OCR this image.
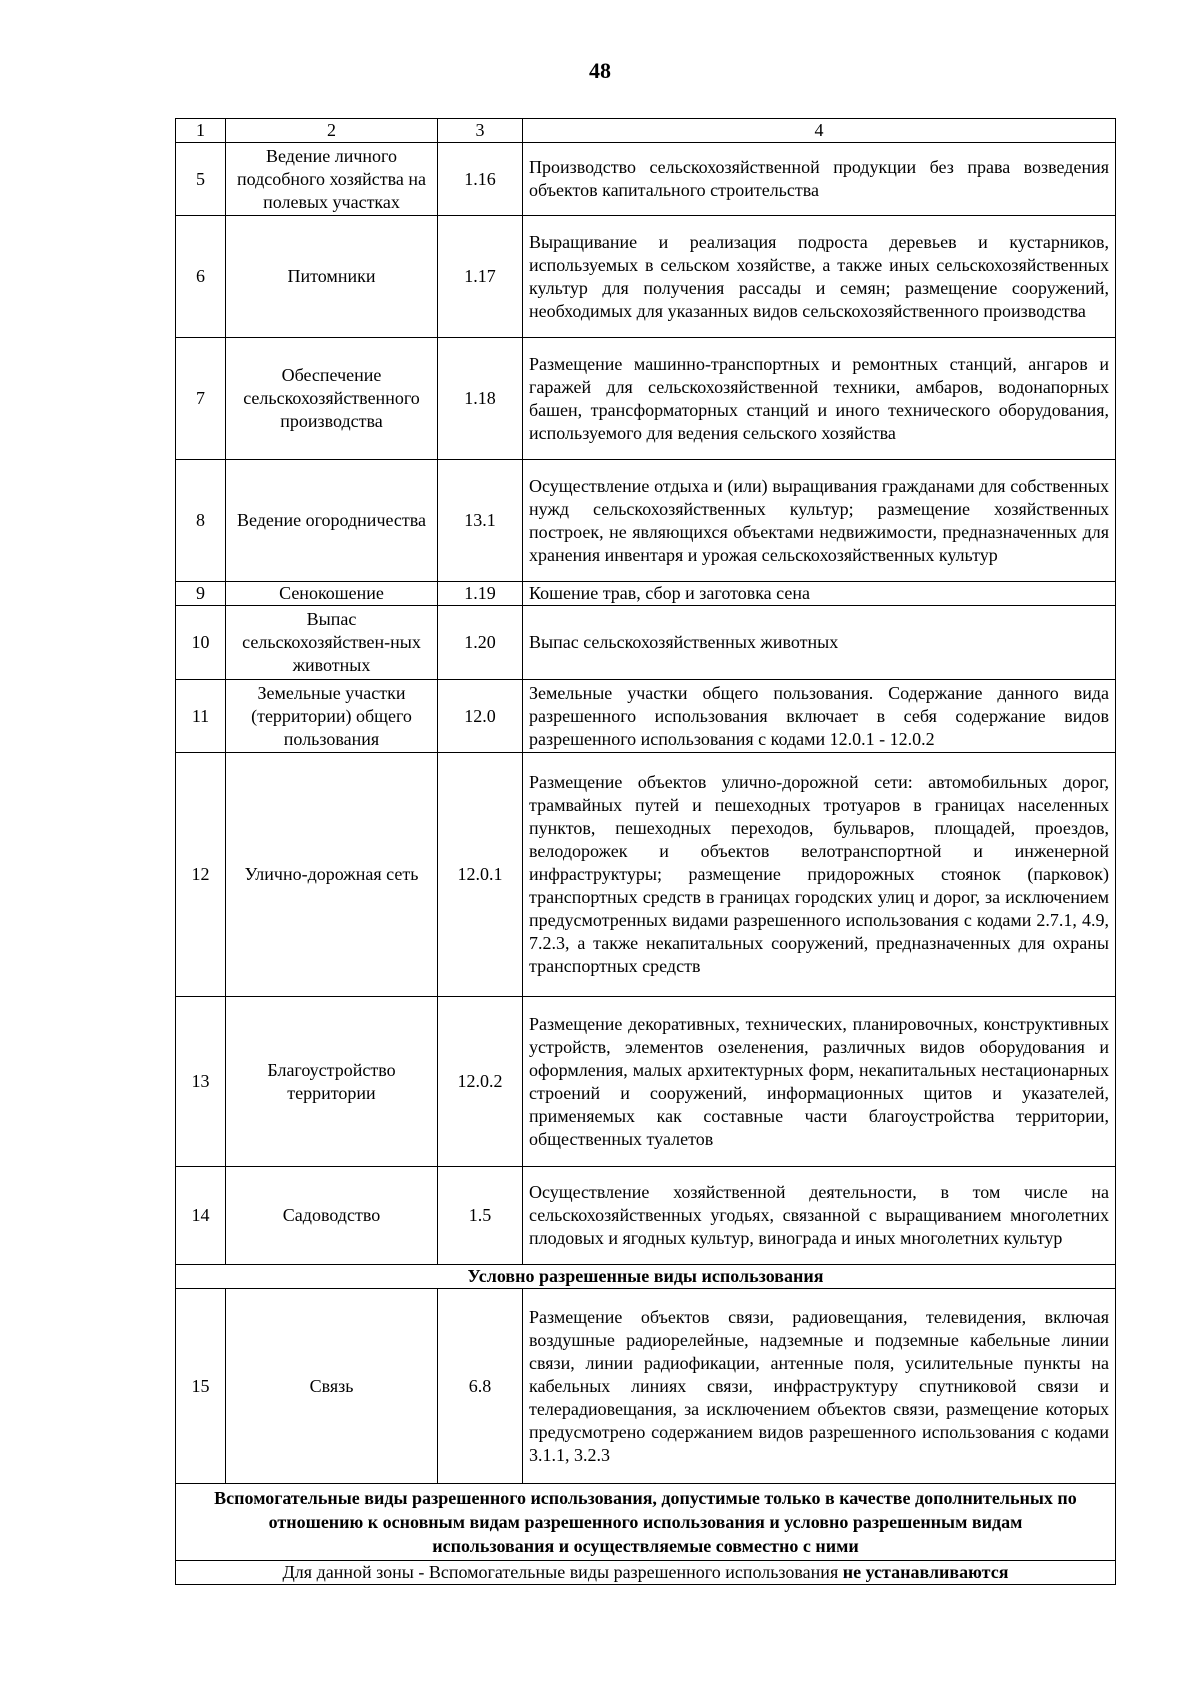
48
1	2	3	4
5	Ведение личного подсобного хозяйства на полевых участках	1.16	Производство сельскохозяйственной продукции без права возведения объектов капитального строительства
6	Питомники	1.17	Выращивание и реализация подроста деревьев и кустарников, используемых в сельском хозяйстве, а также иных сельскохозяйственных культур для получения рассады и семян; размещение сооружений, необходимых для указанных видов сельскохозяйственного производства
7	Обеспечение сельскохозяйственного производства	1.18	Размещение машинно-транспортных и ремонтных станций, ангаров и гаражей для сельскохозяйственной техники, амбаров, водонапорных башен, трансформаторных станций и иного технического оборудования, используемого для ведения сельского хозяйства
8	Ведение огородничества	13.1	Осуществление отдыха и (или) выращивания гражданами для собственных нужд сельскохозяйственных культур; размещение хозяйственных построек, не являющихся объектами недвижимости, предназначенных для хранения инвентаря и урожая сельскохозяйственных культур
9	Сенокошение	1.19	Кошение трав, сбор и заготовка сена
10	Выпас сельскохозяйствен-ных животных	1.20	Выпас сельскохозяйственных животных
11	Земельные участки (территории) общего пользования	12.0	Земельные участки общего пользования. Содержание данного вида разрешенного использования включает в себя содержание видов разрешенного использования с кодами 12.0.1 - 12.0.2
12	Улично-дорожная сеть	12.0.1	Размещение объектов улично-дорожной сети: автомобильных дорог, трамвайных путей и пешеходных тротуаров в границах населенных пунктов, пешеходных переходов, бульваров, площадей, проездов, велодорожек и объектов велотранспортной и инженерной инфраструктуры; размещение придорожных стоянок (парковок) транспортных средств в границах городских улиц и дорог, за исключением предусмотренных видами разрешенного использования с кодами 2.7.1, 4.9, 7.2.3, а также некапитальных сооружений, предназначенных для охраны транспортных средств
13	Благоустройство территории	12.0.2	Размещение декоративных, технических, планировочных, конструктивных устройств, элементов озеленения, различных видов оборудования и оформления, малых архитектурных форм, некапитальных нестационарных строений и сооружений, информационных щитов и указателей, применяемых как составные части благоустройства территории, общественных туалетов
14	Садоводство	1.5	Осуществление хозяйственной деятельности, в том числе на сельскохозяйственных угодьях, связанной с выращиванием многолетних плодовых и ягодных культур, винограда и иных многолетних культур
Условно разрешенные виды использования			
15	Связь	6.8	Размещение объектов связи, радиовещания, телевидения, включая воздушные радиорелейные, надземные и подземные кабельные линии связи, линии радиофикации, антенные поля, усилительные пункты на кабельных линиях связи, инфраструктуру спутниковой связи и телерадиовещания, за исключением объектов связи, размещение которых предусмотрено содержанием видов разрешенного использования с кодами 3.1.1, 3.2.3
Вспомогательные виды разрешенного использования, допустимые только в качестве дополнительных по отношению к основным видам разрешенного использования и условно разрешенным видам использования и осуществляемые совместно с ними			
Для данной зоны - Вспомогательные виды разрешенного использования не устанавливаются			
